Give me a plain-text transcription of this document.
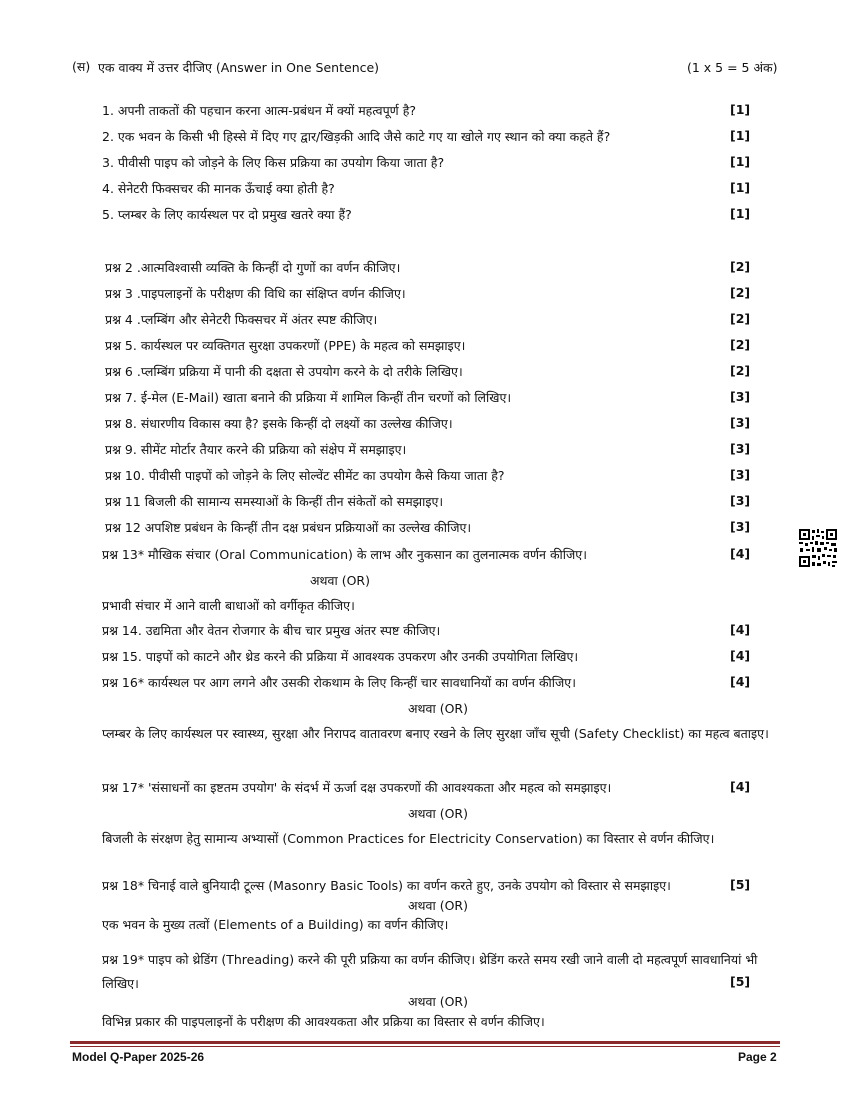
(स) एक वाक्य में उत्तर दीजिए (Answer in One Sentence)	(1 x 5 = 5 अंक)
1. अपनी ताकतों की पहचान करना आत्म-प्रबंधन में क्यों महत्वपूर्ण है?	[1]
2. एक भवन के किसी भी हिस्से में दिए गए द्वार/खिड़की आदि जैसे काटे गए या खोले गए स्थान को क्या कहते हैं?	[1]
3. पीवीसी पाइप को जोड़ने के लिए किस प्रक्रिया का उपयोग किया जाता है?	[1]
4. सेनेटरी फिक्सचर की मानक ऊँचाई क्या होती है?	[1]
5. प्लम्बर के लिए कार्यस्थल पर दो प्रमुख खतरे क्या हैं?	[1]
प्रश्न 2 .आत्मविश्वासी व्यक्ति के किन्हीं दो गुणों का वर्णन कीजिए।	[2]
प्रश्न 3 .पाइपलाइनों के परीक्षण की विधि का संक्षिप्त वर्णन कीजिए।	[2]
प्रश्न 4 .प्लम्बिंग और सेनेटरी फिक्सचर में अंतर स्पष्ट कीजिए।	[2]
प्रश्न 5. कार्यस्थल पर व्यक्तिगत सुरक्षा उपकरणों (PPE) के महत्व को समझाइए।	[2]
प्रश्न 6 .प्लम्बिंग प्रक्रिया में पानी की दक्षता से उपयोग करने के दो तरीके लिखिए।	[2]
प्रश्न 7. ई-मेल (E-Mail) खाता बनाने की प्रक्रिया में शामिल किन्हीं तीन चरणों को लिखिए।	[3]
प्रश्न 8. संधारणीय विकास क्या है? इसके किन्हीं दो लक्ष्यों का उल्लेख कीजिए।	[3]
प्रश्न 9. सीमेंट मोर्टार तैयार करने की प्रक्रिया को संक्षेप में समझाइए।	[3]
प्रश्न 10. पीवीसी पाइपों को जोड़ने के लिए सोल्वेंट सीमेंट का उपयोग कैसे किया जाता है?	[3]
प्रश्न 11 बिजली की सामान्य समस्याओं के किन्हीं तीन संकेतों को समझाइए।	[3]
प्रश्न 12 अपशिष्ट प्रबंधन के किन्हीं तीन दक्ष प्रबंधन प्रक्रियाओं का उल्लेख कीजिए।	[3]
प्रश्न 13* मौखिक संचार (Oral Communication) के लाभ और नुकसान का तुलनात्मक वर्णन कीजिए।	[4]
अथवा (OR)
प्रभावी संचार में आने वाली बाधाओं को वर्गीकृत कीजिए।
प्रश्न 14. उद्यमिता और वेतन रोजगार के बीच चार प्रमुख अंतर स्पष्ट कीजिए।	[4]
प्रश्न 15. पाइपों को काटने और थ्रेड करने की प्रक्रिया में आवश्यक उपकरण और उनकी उपयोगिता लिखिए।	[4]
प्रश्न 16* कार्यस्थल पर आग लगने और उसकी रोकथाम के लिए किन्हीं चार सावधानियों का वर्णन कीजिए।	[4]
अथवा (OR)
प्लम्बर के लिए कार्यस्थल पर स्वास्थ्य, सुरक्षा और निरापद वातावरण बनाए रखने के लिए सुरक्षा जाँच सूची (Safety Checklist) का महत्व बताइए।
प्रश्न 17* 'संसाधनों का इष्टतम उपयोग' के संदर्भ में ऊर्जा दक्ष उपकरणों की आवश्यकता और महत्व को समझाइए।	[4]
अथवा (OR)
बिजली के संरक्षण हेतु सामान्य अभ्यासों (Common Practices for Electricity Conservation) का विस्तार से वर्णन कीजिए।
प्रश्न 18* चिनाई वाले बुनियादी टूल्स (Masonry Basic Tools) का वर्णन करते हुए, उनके उपयोग को विस्तार से समझाइए।	[5]
अथवा (OR)
एक भवन के मुख्य तत्वों (Elements of a Building) का वर्णन कीजिए।
प्रश्न 19* पाइप को थ्रेडिंग (Threading) करने की पूरी प्रक्रिया का वर्णन कीजिए। थ्रेडिंग करते समय रखी जाने वाली दो महत्वपूर्ण सावधानियां भी लिखिए।	[5]
अथवा (OR)
विभिन्न प्रकार की पाइपलाइनों के परीक्षण की आवश्यकता और प्रक्रिया का विस्तार से वर्णन कीजिए।
Model Q-Paper 2025-26	Page 2
